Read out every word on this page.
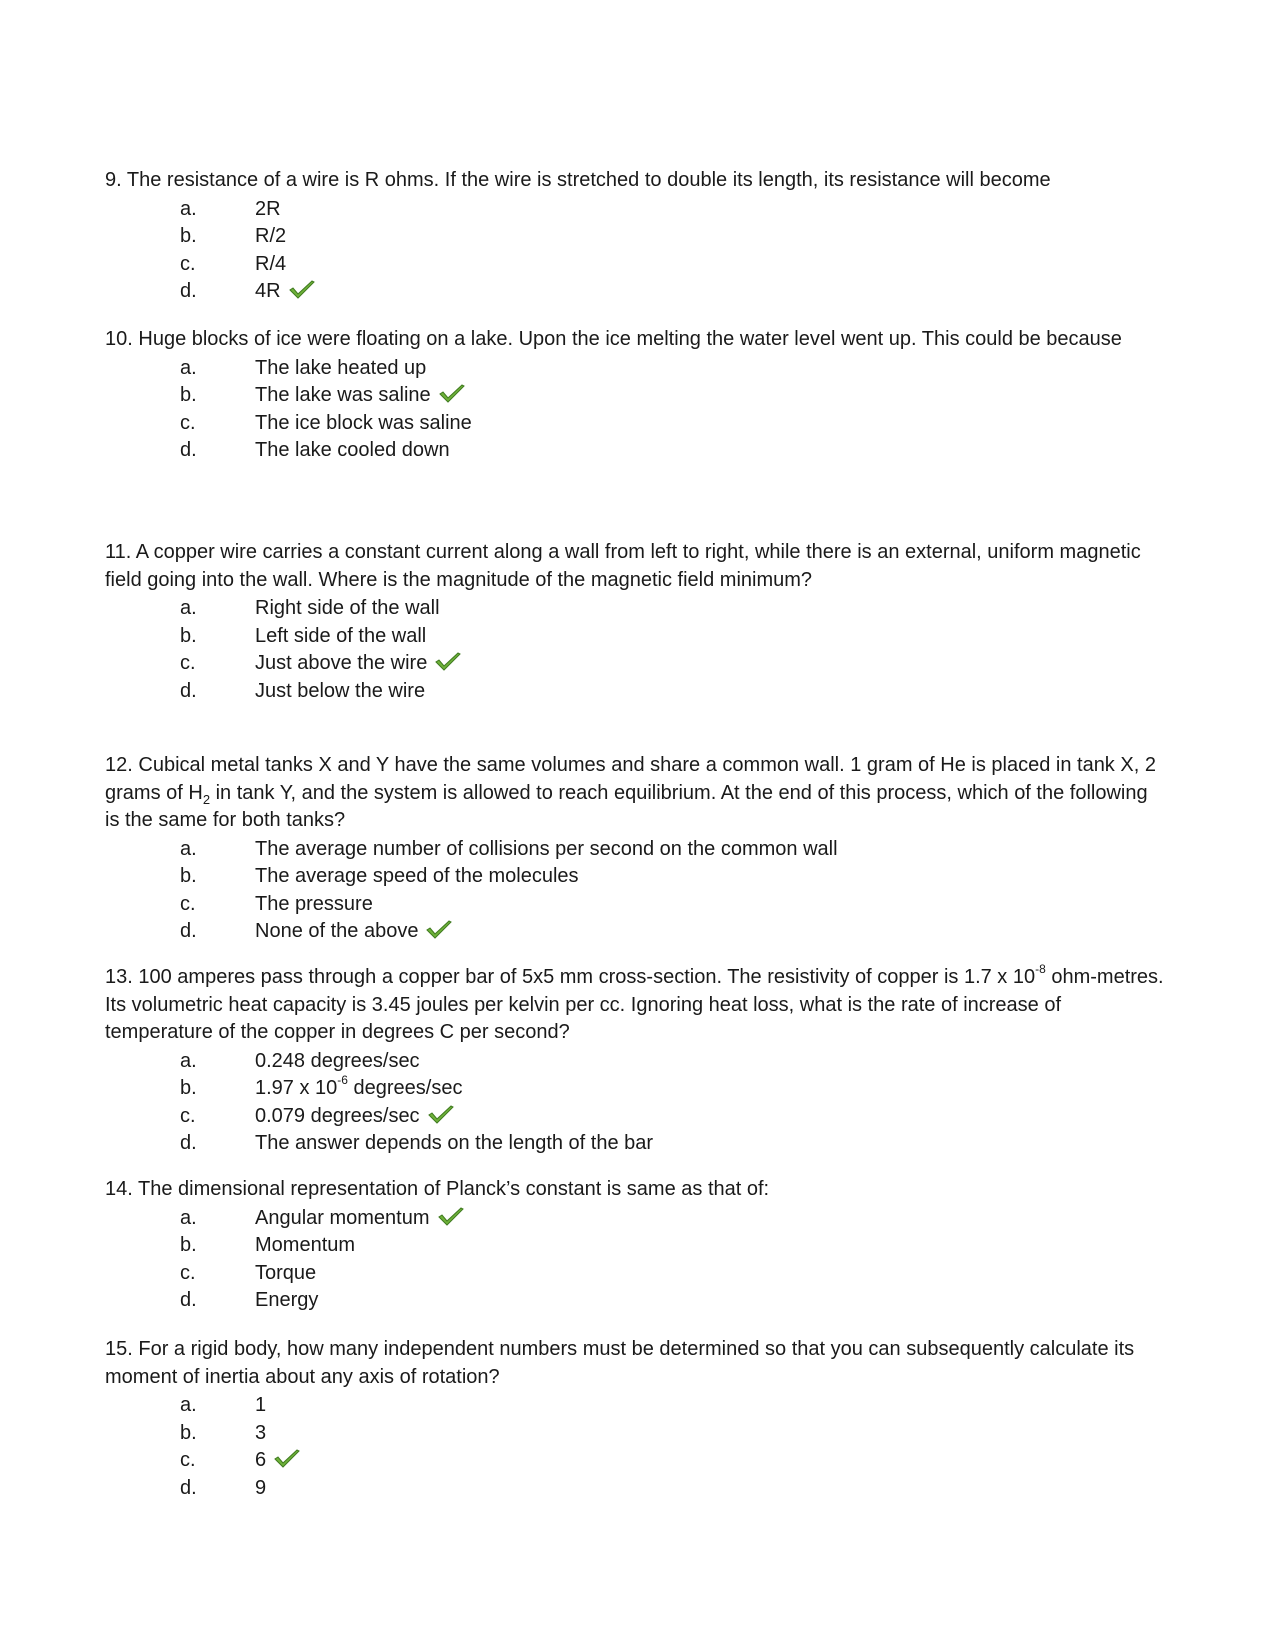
9. The resistance of a wire is R ohms. If the wire is stretched to double its length, its resistance will become

a.	2R
b.	R/2
c.	R/4
d.	4R

10. Huge blocks of ice were floating on a lake. Upon the ice melting the water level went up. This could be because

a.	The lake heated up
b.	The lake was saline
c.	The ice block was saline
d.	The lake cooled down

11. A copper wire carries a constant current along a wall from left to right, while there is an external, uniform magnetic field going into the wall. Where is the magnitude of the magnetic field minimum?

a.	Right side of the wall
b.	Left side of the wall
c.	Just above the wire
d.	Just below the wire

12. Cubical metal tanks X and Y have the same volumes and share a common wall. 1 gram of He is placed in tank X, 2 grams of $H_2$ in tank Y, and the system is allowed to reach equilibrium. At the end of this process, which of the following is the same for both tanks?

a.	The average number of collisions per second on the common wall
b.	The average speed of the molecules
c.	The pressure
d.	None of the above

13. 100 amperes pass through a copper bar of 5x5 mm cross-section. The resistivity of copper is 1.7 x $10^{-8}$ ohm-metres. Its volumetric heat capacity is 3.45 joules per kelvin per cc. Ignoring heat loss, what is the rate of increase of temperature of the copper in degrees C per second?

a.	0.248 degrees/sec
b.	1.97 x $10^{-6}$ degrees/sec
c.	0.079 degrees/sec
d.	The answer depends on the length of the bar

14. The dimensional representation of Planck’s constant is same as that of:

a.	Angular momentum
b.	Momentum
c.	Torque
d.	Energy

15. For a rigid body, how many independent numbers must be determined so that you can subsequently calculate its moment of inertia about any axis of rotation?

a.	1
b.	3
c.	6
d.	9
